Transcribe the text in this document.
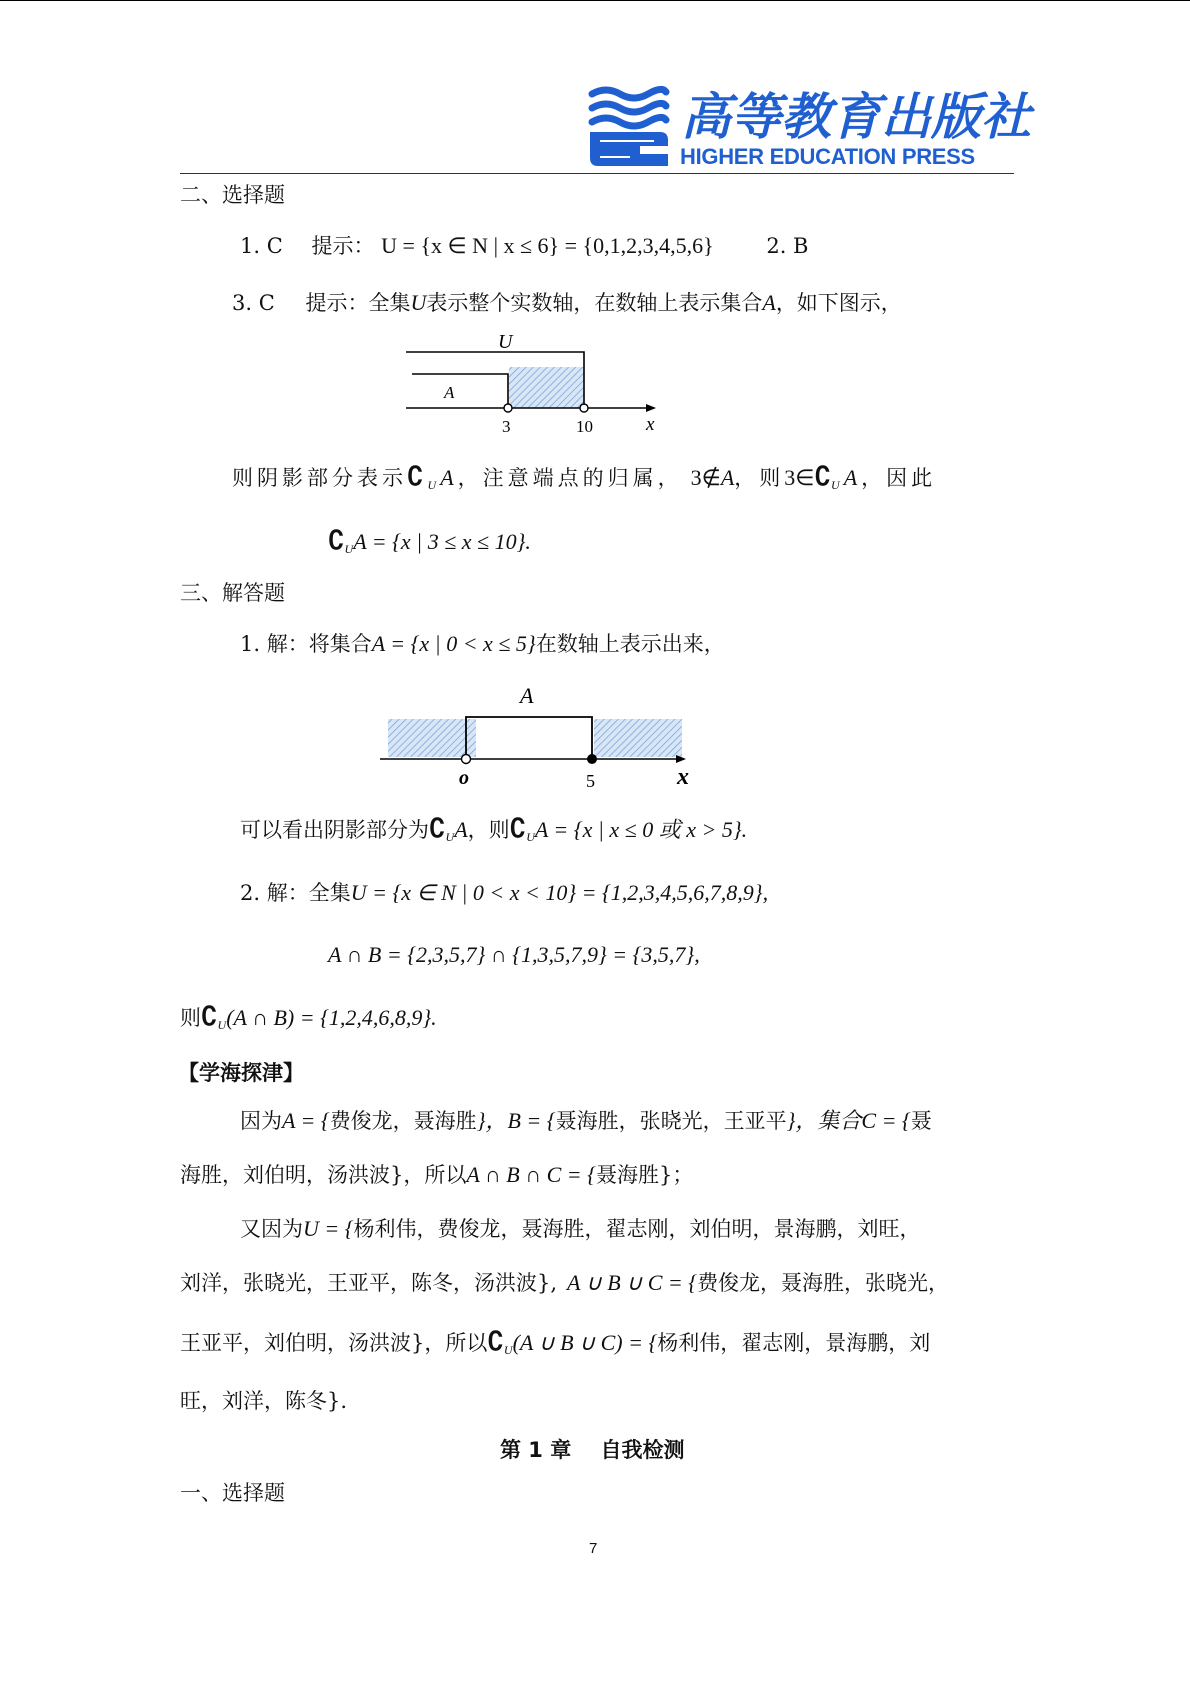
高 等 教 育 出 版 社
HIGHER EDUCATION PRESS
二、选择题
1. C 提示： U = {x ∈ N | x ≤ 6} = {0,1,2,3,4,5,6}	2. B
3. C 提示：全集U表示整个实数轴，在数轴上表示集合A，如下图示，
U
A
3	10	x
则阴影部分表示∁UA，注意端点的归属， 3∉A，则3∈∁UA，因此
∁UA = {x | 3 ≤ x ≤ 10}.
三、解答题
1. 解：将集合A = {x | 0 < x ≤ 5}在数轴上表示出来，
A
o	5	x
可以看出阴影部分为∁UA，则∁UA = {x | x ≤ 0 或 x > 5}.
2. 解：全集U = {x ∈ N | 0 < x < 10} = {1,2,3,4,5,6,7,8,9},
A ∩ B = {2,3,5,7} ∩ {1,3,5,7,9} = {3,5,7},
则∁U(A ∩ B) = {1,2,4,6,8,9}.
【学海探津】
因为A = {费俊龙，聂海胜}，B = {聂海胜，张晓光，王亚平}，集合C = {聂
海胜，刘伯明，汤洪波}，所以A ∩ B ∩ C = {聂海胜}；
又因为U = {杨利伟，费俊龙，聂海胜，翟志刚，刘伯明，景海鹏，刘旺，
刘洋，张晓光，王亚平，陈冬，汤洪波}, A ∪ B ∪ C = {费俊龙，聂海胜，张晓光，
王亚平，刘伯明，汤洪波}，所以∁U(A ∪ B ∪ C) = {杨利伟，翟志刚，景海鹏，刘
旺，刘洋，陈冬}.
第 1 章    自我检测
一、选择题
7
